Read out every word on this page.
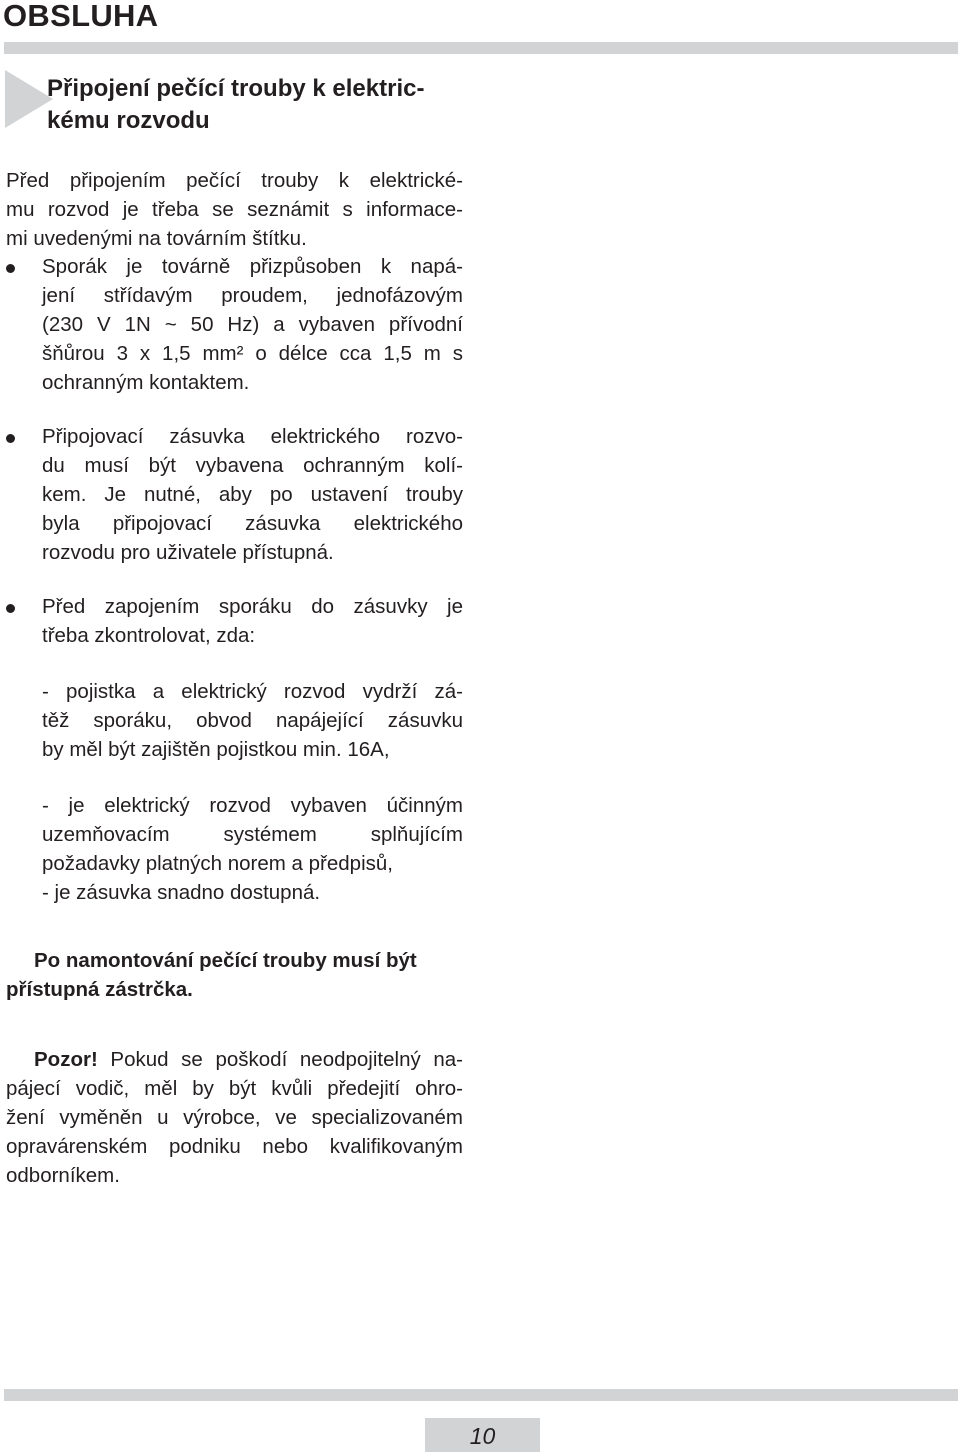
OBSLUHA
Připojení pečící trouby k elektric-
kému rozvodu

Před připojením pečící trouby k elektrické-
mu rozvod je třeba se seznámit s informace-
mi uvedenými na továrním štítku.

Sporák je továrně přizpůsoben k napá-
jení střídavým proudem, jednofázovým
(230 V 1N ~ 50 Hz) a vybaven přívodní
šňůrou 3 x 1,5 mm² o délce cca 1,5 m s
ochranným kontaktem.

Připojovací zásuvka elektrického rozvo-
du musí být vybavena ochranným kolí-
kem. Je nutné, aby po ustavení trouby
byla připojovací zásuvka elektrického
rozvodu pro uživatele přístupná.

Před zapojením sporáku do zásuvky je
třeba zkontrolovat, zda:

- pojistka a elektrický rozvod vydrží zá-
těž sporáku, obvod napájející zásuvku
by měl být zajištěn pojistkou min. 16A,

- je elektrický rozvod vybaven účinným
uzemňovacím systémem splňujícím
požadavky platných norem a předpisů,
- je zásuvka snadno dostupná.

Po namontování pečící trouby musí být
přístupná zástrčka.

Pozor! Pokud se poškodí neodpojitelný na-
pájecí vodič, měl by být kvůli předejití ohro-
žení vyměněn u výrobce, ve specializovaném
opravárenském podniku nebo kvalifikovaným
odborníkem.

10
